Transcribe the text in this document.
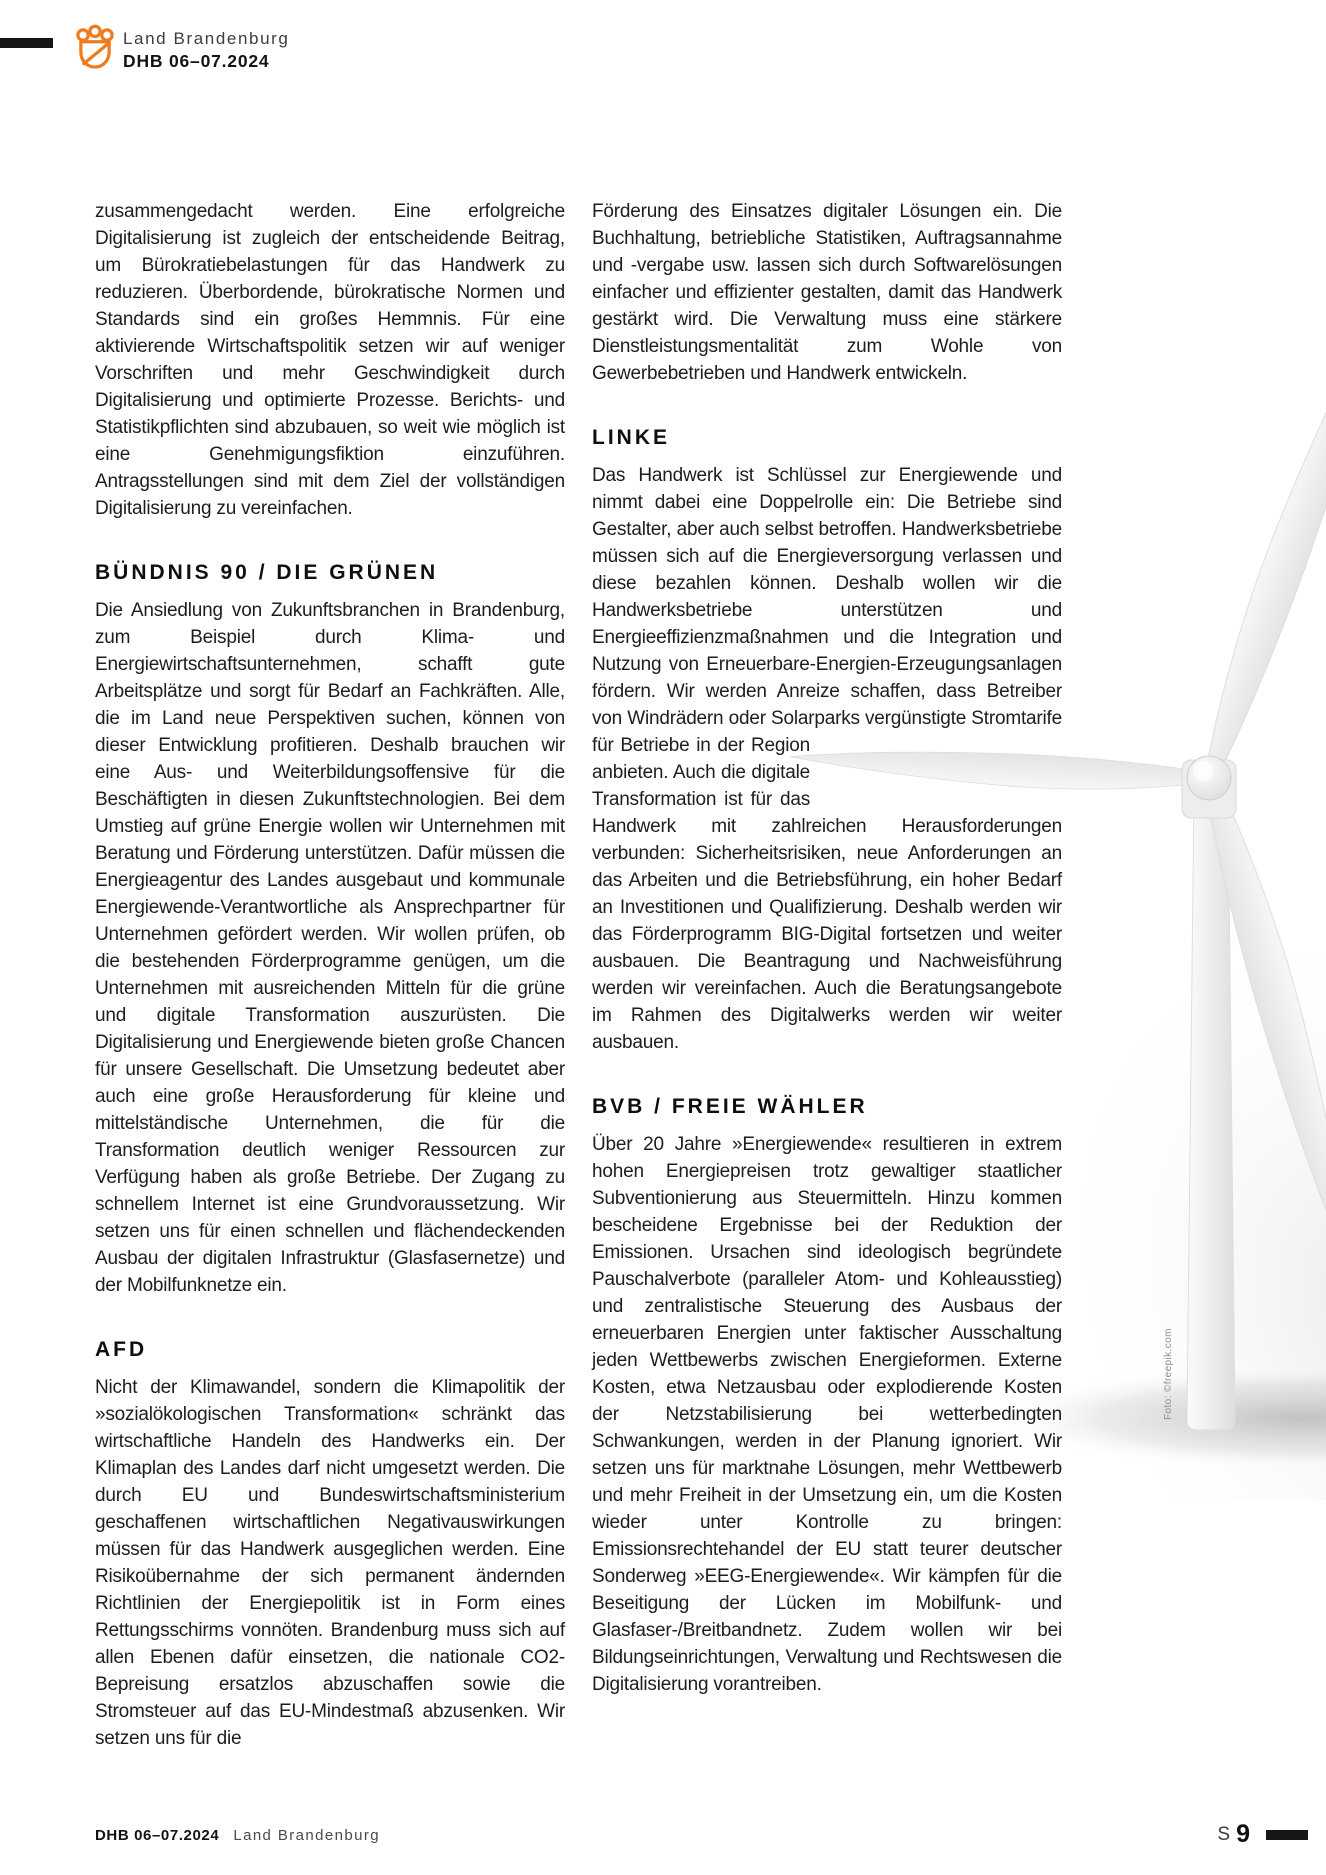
Land Brandenburg
DHB 06–07.2024

zusammengedacht werden. Eine erfolgreiche Digitalisierung ist zugleich der entscheidende Beitrag, um Bürokratiebelastungen für das Handwerk zu reduzieren. Überbordende, bürokratische Normen und Standards sind ein großes Hemmnis. Für eine aktivierende Wirtschaftspolitik setzen wir auf weniger Vorschriften und mehr Geschwindigkeit durch Digitalisierung und optimierte Prozesse. Berichts- und Statistikpflichten sind abzubauen, so weit wie möglich ist eine Genehmigungsfiktion einzuführen. Antragsstellungen sind mit dem Ziel der vollständigen Digitalisierung zu vereinfachen.

BÜNDNIS 90 / DIE GRÜNEN

Die Ansiedlung von Zukunftsbranchen in Brandenburg, zum Beispiel durch Klima- und Energiewirtschaftsunternehmen, schafft gute Arbeitsplätze und sorgt für Bedarf an Fachkräften. Alle, die im Land neue Perspektiven suchen, können von dieser Entwicklung profitieren. Deshalb brauchen wir eine Aus- und Weiterbildungsoffensive für die Beschäftigten in diesen Zukunftstechnologien. Bei dem Umstieg auf grüne Energie wollen wir Unternehmen mit Beratung und Förderung unterstützen. Dafür müssen die Energieagentur des Landes ausgebaut und kommunale Energiewende-Verantwortliche als Ansprechpartner für Unternehmen gefördert werden. Wir wollen prüfen, ob die bestehenden Förderprogramme genügen, um die Unternehmen mit ausreichenden Mitteln für die grüne und digitale Transformation auszurüsten. Die Digitalisierung und Energiewende bieten große Chancen für unsere Gesellschaft. Die Umsetzung bedeutet aber auch eine große Herausforderung für kleine und mittelständische Unternehmen, die für die Transformation deutlich weniger Ressourcen zur Verfügung haben als große Betriebe. Der Zugang zu schnellem Internet ist eine Grundvoraussetzung. Wir setzen uns für einen schnellen und flächendeckenden Ausbau der digitalen Infrastruktur (Glasfasernetze) und der Mobilfunknetze ein.

AFD

Nicht der Klimawandel, sondern die Klimapolitik der »sozialökologischen Transformation« schränkt das wirtschaftliche Handeln des Handwerks ein. Der Klimaplan des Landes darf nicht umgesetzt werden. Die durch EU und Bundeswirtschaftsministerium geschaffenen wirtschaftlichen Negativauswirkungen müssen für das Handwerk ausgeglichen werden. Eine Risikoübernahme der sich permanent ändernden Richtlinien der Energiepolitik ist in Form eines Rettungsschirms vonnöten. Brandenburg muss sich auf allen Ebenen dafür einsetzen, die nationale CO2-Bepreisung ersatzlos abzuschaffen sowie die Stromsteuer auf das EU-Mindestmaß abzusenken. Wir setzen uns für die

Förderung des Einsatzes digitaler Lösungen ein. Die Buchhaltung, betriebliche Statistiken, Auftragsannahme und -vergabe usw. lassen sich durch Softwarelösungen einfacher und effizienter gestalten, damit das Handwerk gestärkt wird. Die Verwaltung muss eine stärkere Dienstleistungsmentalität zum Wohle von Gewerbebetrieben und Handwerk entwickeln.

LINKE

Das Handwerk ist Schlüssel zur Energiewende und nimmt dabei eine Doppelrolle ein: Die Betriebe sind Gestalter, aber auch selbst betroffen. Handwerksbetriebe müssen sich auf die Energieversorgung verlassen und diese bezahlen können. Deshalb wollen wir die Handwerksbetriebe unterstützen und Energieeffizienzmaßnahmen und die Integration und Nutzung von Erneuerbare-Energien-Erzeugungsanlagen fördern. Wir werden Anreize schaffen, dass Betreiber von Windrädern oder Solarparks
vergünstigte Stromtarife für Betriebe in der Region anbieten. Auch die digitale Transformation ist für das Handwerk mit zahlreichen Herausforderungen verbunden: Sicherheitsrisiken, neue Anforderungen an das Arbeiten und die Betriebsführung, ein hoher Bedarf an Investitionen und Qualifizierung. Deshalb werden wir das Förderprogramm BIG-Digital fortsetzen und weiter ausbauen. Die Beantragung und Nachweisführung werden wir vereinfachen. Auch die Beratungsangebote im Rahmen des Digitalwerks werden wir weiter ausbauen.

BVB / FREIE WÄHLER

Über 20 Jahre »Energiewende« resultieren in extrem hohen Energiepreisen trotz gewaltiger staatlicher Subventionierung aus Steuermitteln. Hinzu kommen bescheidene Ergebnisse bei der Reduktion der Emissionen. Ursachen sind ideologisch begründete Pauschalverbote (paralleler Atom- und Kohleausstieg) und zentralistische Steuerung des Ausbaus der erneuerbaren Energien unter faktischer Ausschaltung jeden Wettbewerbs zwischen Energieformen. Externe Kosten, etwa Netzausbau oder explodierende Kosten der Netzstabilisierung bei wetterbedingten Schwankungen, werden in der Planung ignoriert. Wir setzen uns für marktnahe Lösungen, mehr Wettbewerb und mehr Freiheit in der Umsetzung ein, um die Kosten wieder unter Kontrolle zu bringen: Emissionsrechtehandel der EU statt teurer deutscher Sonderweg »EEG-Energiewende«. Wir kämpfen für die Beseitigung der Lücken im Mobilfunk- und Glasfaser-/Breitbandnetz. Zudem wollen wir bei Bildungseinrichtungen, Verwaltung und Rechtswesen die Digitalisierung vorantreiben.

Foto: ©freepik.com
DHB 06–07.2024 Land Brandenburg	S 9
